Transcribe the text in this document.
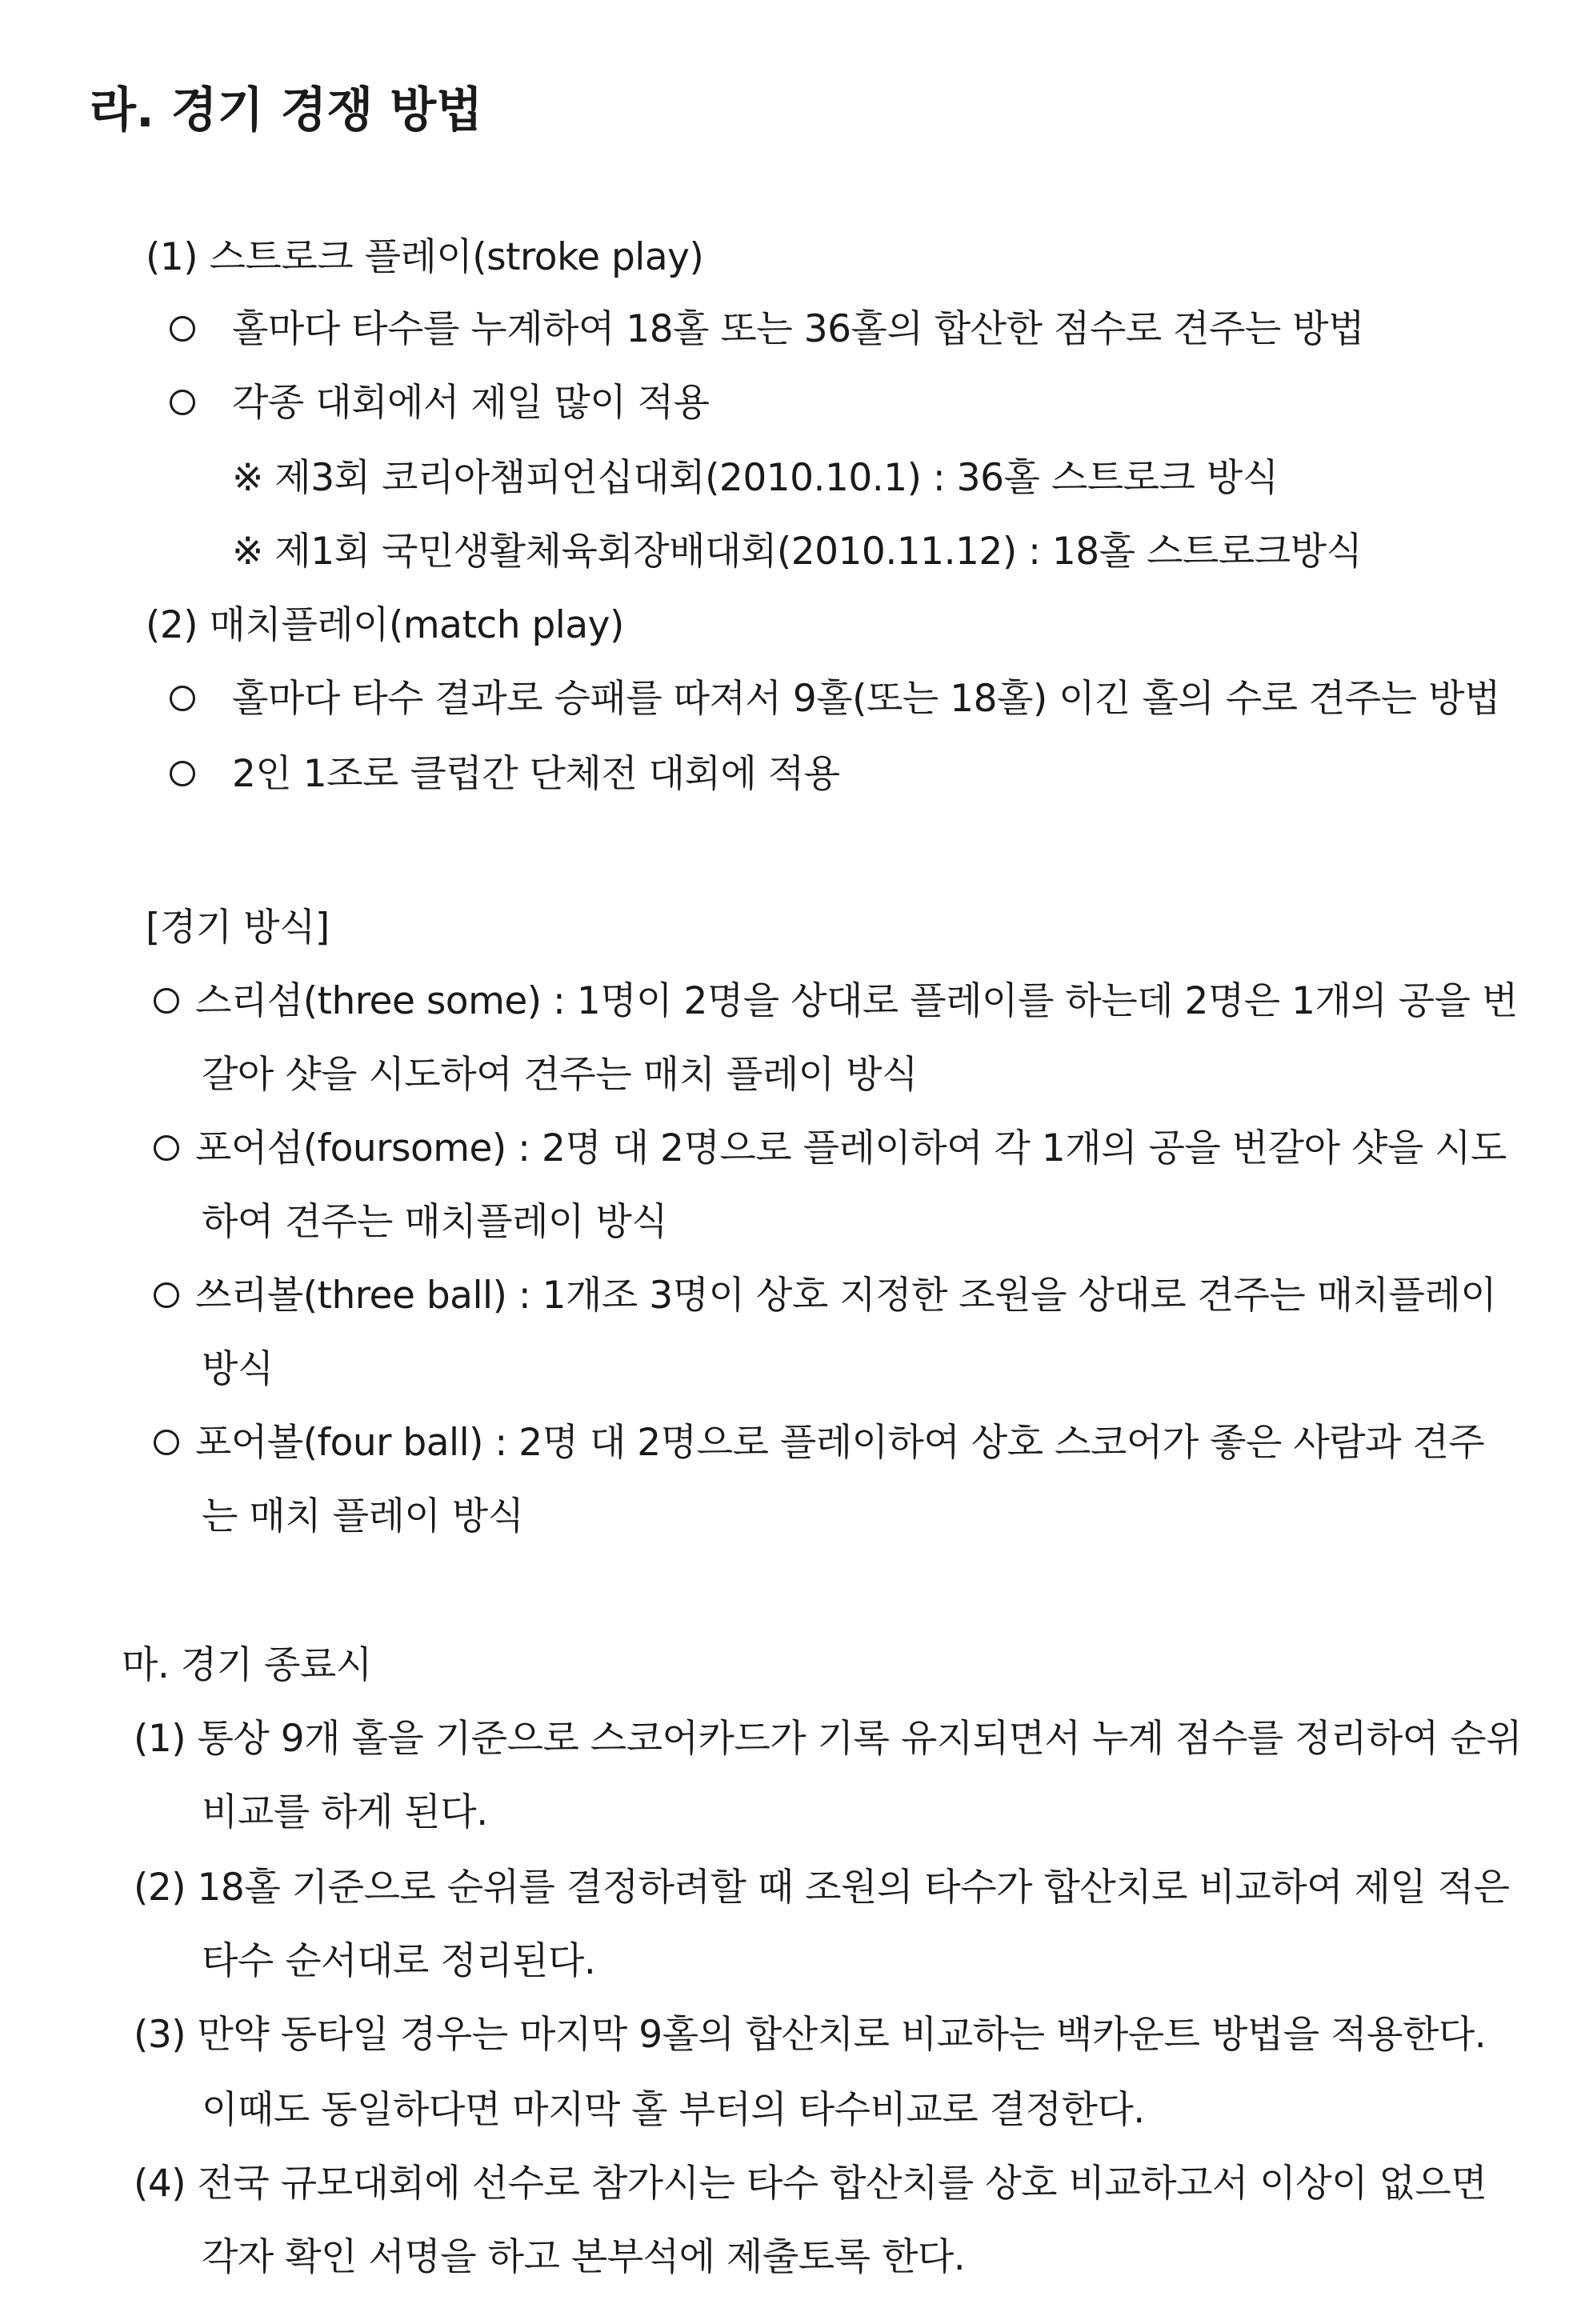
라. 경기 경쟁 방법
(1) 스트로크 플레이(stroke play)
홀마다 타수를 누계하여 18홀 또는 36홀의 합산한 점수로 견주는 방법
각종 대회에서 제일 많이 적용
※ 제3회 코리아챔피언십대회(2010.10.1) : 36홀 스트로크 방식
※ 제1회 국민생활체육회장배대회(2010.11.12) : 18홀 스트로크방식
(2) 매치플레이(match play)
홀마다 타수 결과로 승패를 따져서 9홀(또는 18홀) 이긴 홀의 수로 견주는 방법
2인 1조로 클럽간 단체전 대회에 적용
[경기 방식]
스리섬(three some) : 1명이 2명을 상대로 플레이를 하는데 2명은 1개의 공을 번
갈아 샷을 시도하여 견주는 매치 플레이 방식
포어섬(foursome) : 2명 대 2명으로 플레이하여 각 1개의 공을 번갈아 샷을 시도
하여 견주는 매치플레이 방식
쓰리볼(three ball) : 1개조 3명이 상호 지정한 조원을 상대로 견주는 매치플레이
방식
포어볼(four ball) : 2명 대 2명으로 플레이하여 상호 스코어가 좋은 사람과 견주
는 매치 플레이 방식
마. 경기 종료시
(1) 통상 9개 홀을 기준으로 스코어카드가 기록 유지되면서 누계 점수를 정리하여 순위
비교를 하게 된다.
(2) 18홀 기준으로 순위를 결정하려할 때 조원의 타수가 합산치로 비교하여 제일 적은
타수 순서대로 정리된다.
(3) 만약 동타일 경우는 마지막 9홀의 합산치로 비교하는 백카운트 방법을 적용한다.
이때도 동일하다면 마지막 홀 부터의 타수비교로 결정한다.
(4) 전국 규모대회에 선수로 참가시는 타수 합산치를 상호 비교하고서 이상이 없으면
각자 확인 서명을 하고 본부석에 제출토록 한다.
